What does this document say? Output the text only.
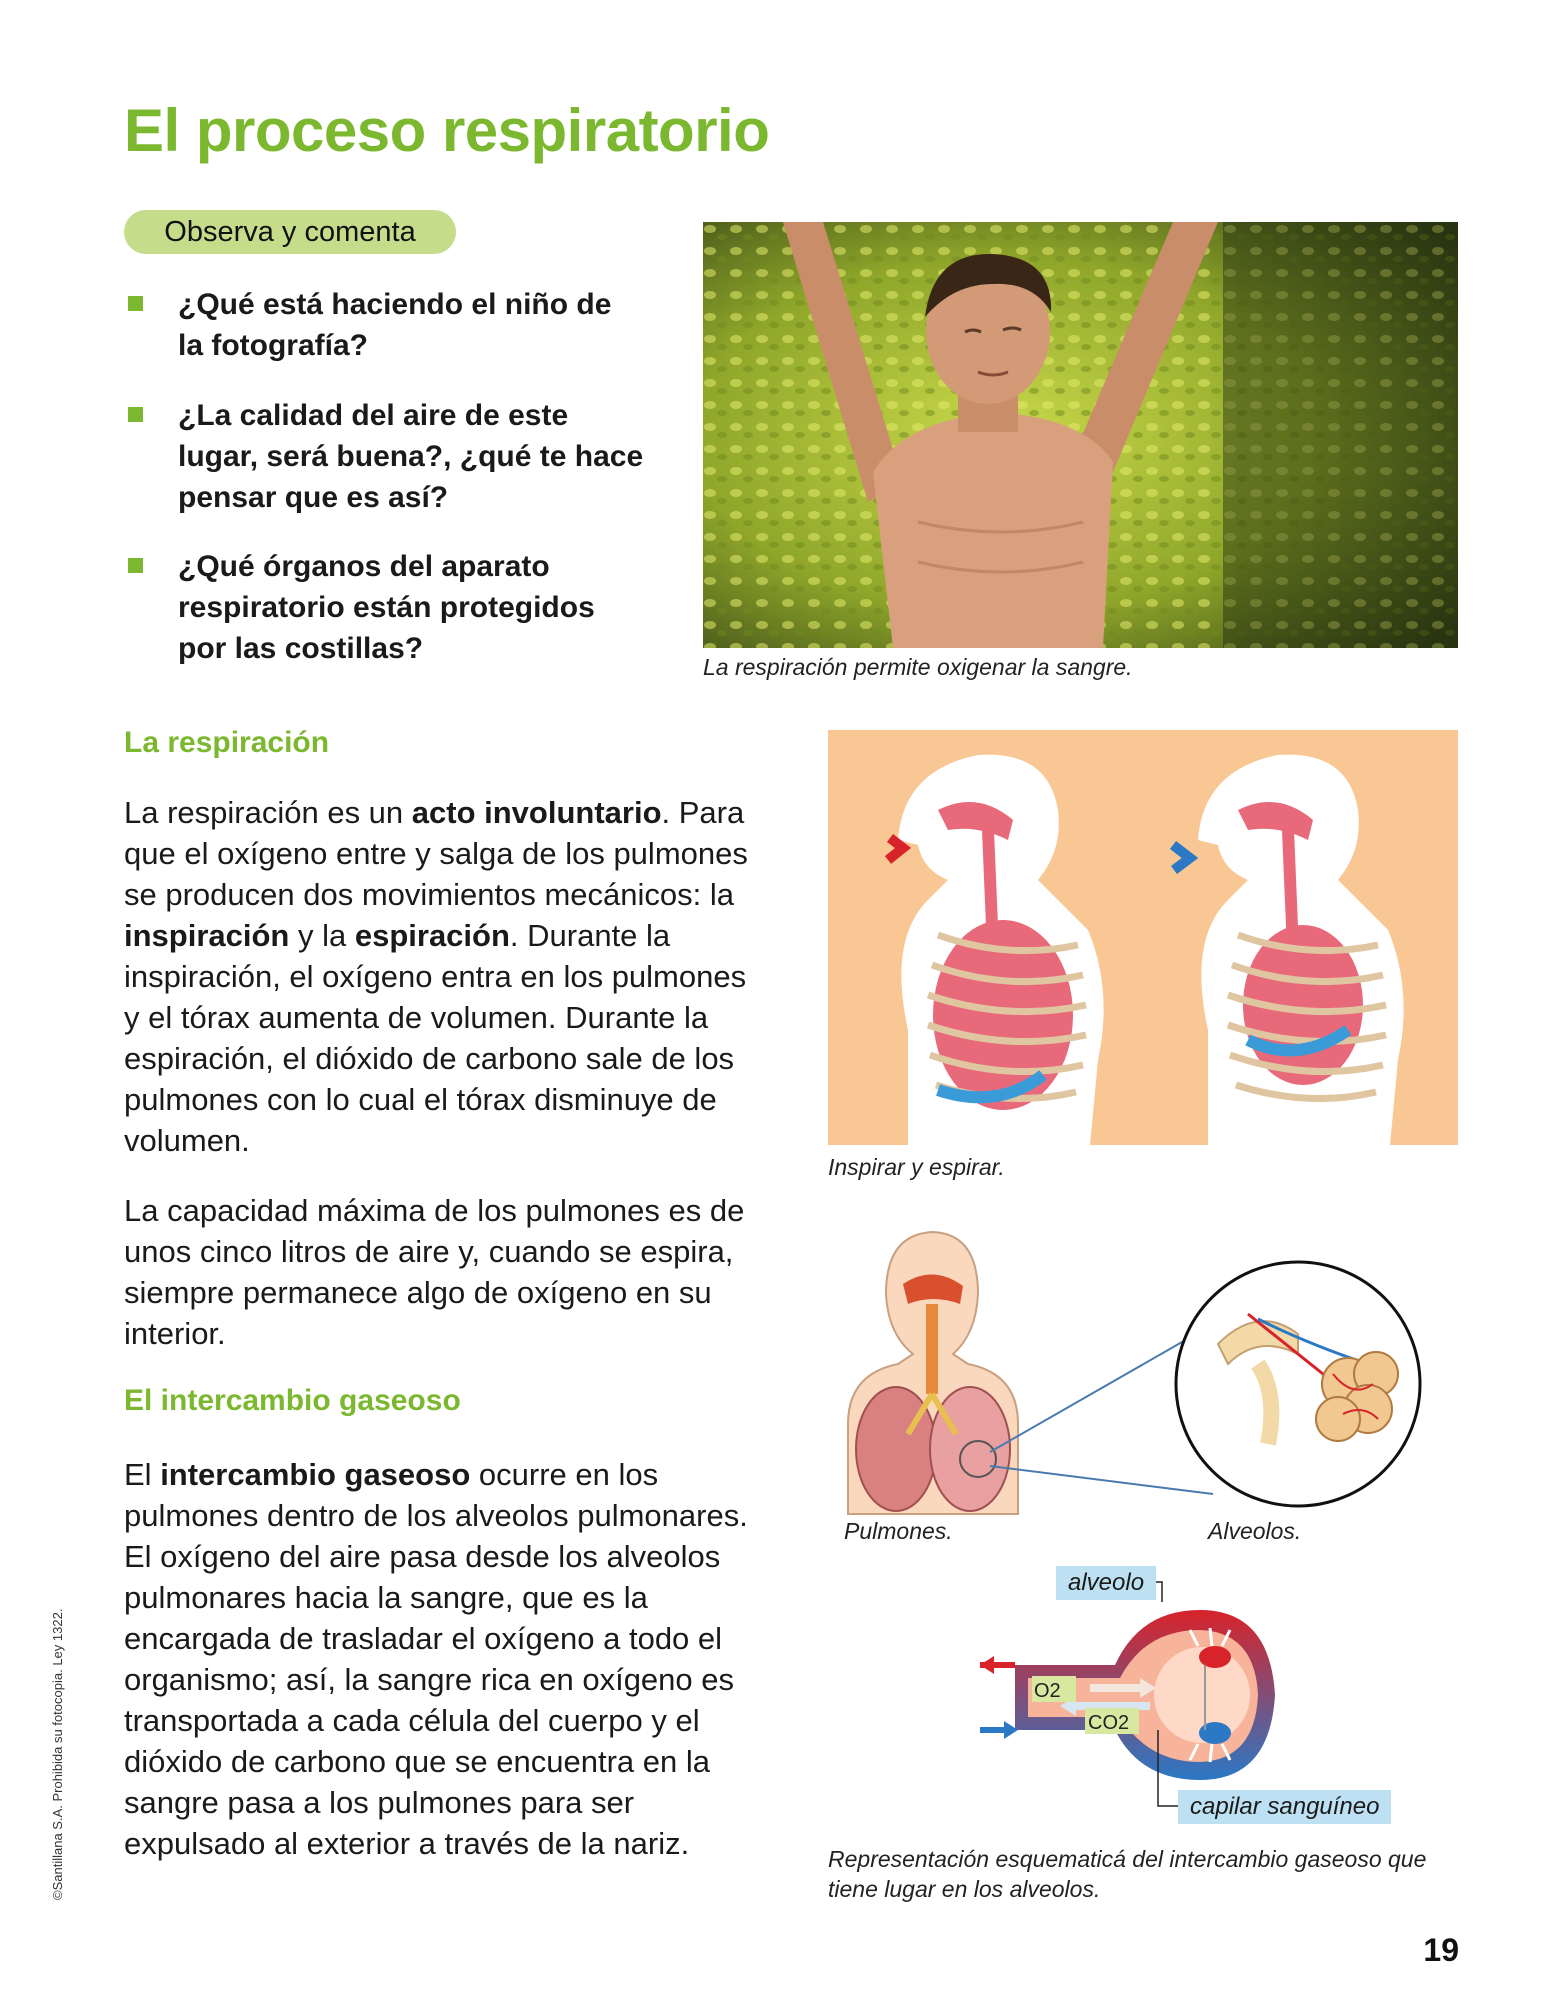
El proceso respiratorio
Observa y comenta
¿Qué está haciendo el niño de la fotografía?
¿La calidad del aire de este lugar, será buena?, ¿qué te hace pensar que es así?
¿Qué órganos del aparato respiratorio están protegidos por las costillas?
La respiración permite oxigenar la sangre.
La respiración

La respiración es un acto involuntario. Para que el oxígeno entre y salga de los pulmones se producen dos movimientos mecánicos: la inspiración y la espiración. Durante la inspiración, el oxígeno entra en los pulmones y el tórax aumenta de volumen. Durante la espiración, el dióxido de carbono sale de los pulmones con lo cual el tórax disminuye de volumen.

La capacidad máxima de los pulmones es de unos cinco litros de aire y, cuando se espira, siempre permanece algo de oxígeno en su interior.

El intercambio gaseoso

El intercambio gaseoso ocurre en los pulmones dentro de los alveolos pulmonares. El oxígeno del aire pasa desde los alveolos pulmonares hacia la sangre, que es la encargada de trasladar el oxígeno a todo el organismo; así, la sangre rica en oxígeno es transportada a cada célula del cuerpo y el dióxido de carbono que se encuentra en la sangre pasa a los pulmones para ser expulsado al exterior a través de la nariz.

Inspirar y espirar.
Pulmones.	Alveolos.
O2
CO2
alveolo
capilar sanguíneo
Representación esquematicá del intercambio gaseoso que tiene lugar en los alveolos.
©Santillana S.A. Prohibida su fotocopia. Ley 1322.
19
